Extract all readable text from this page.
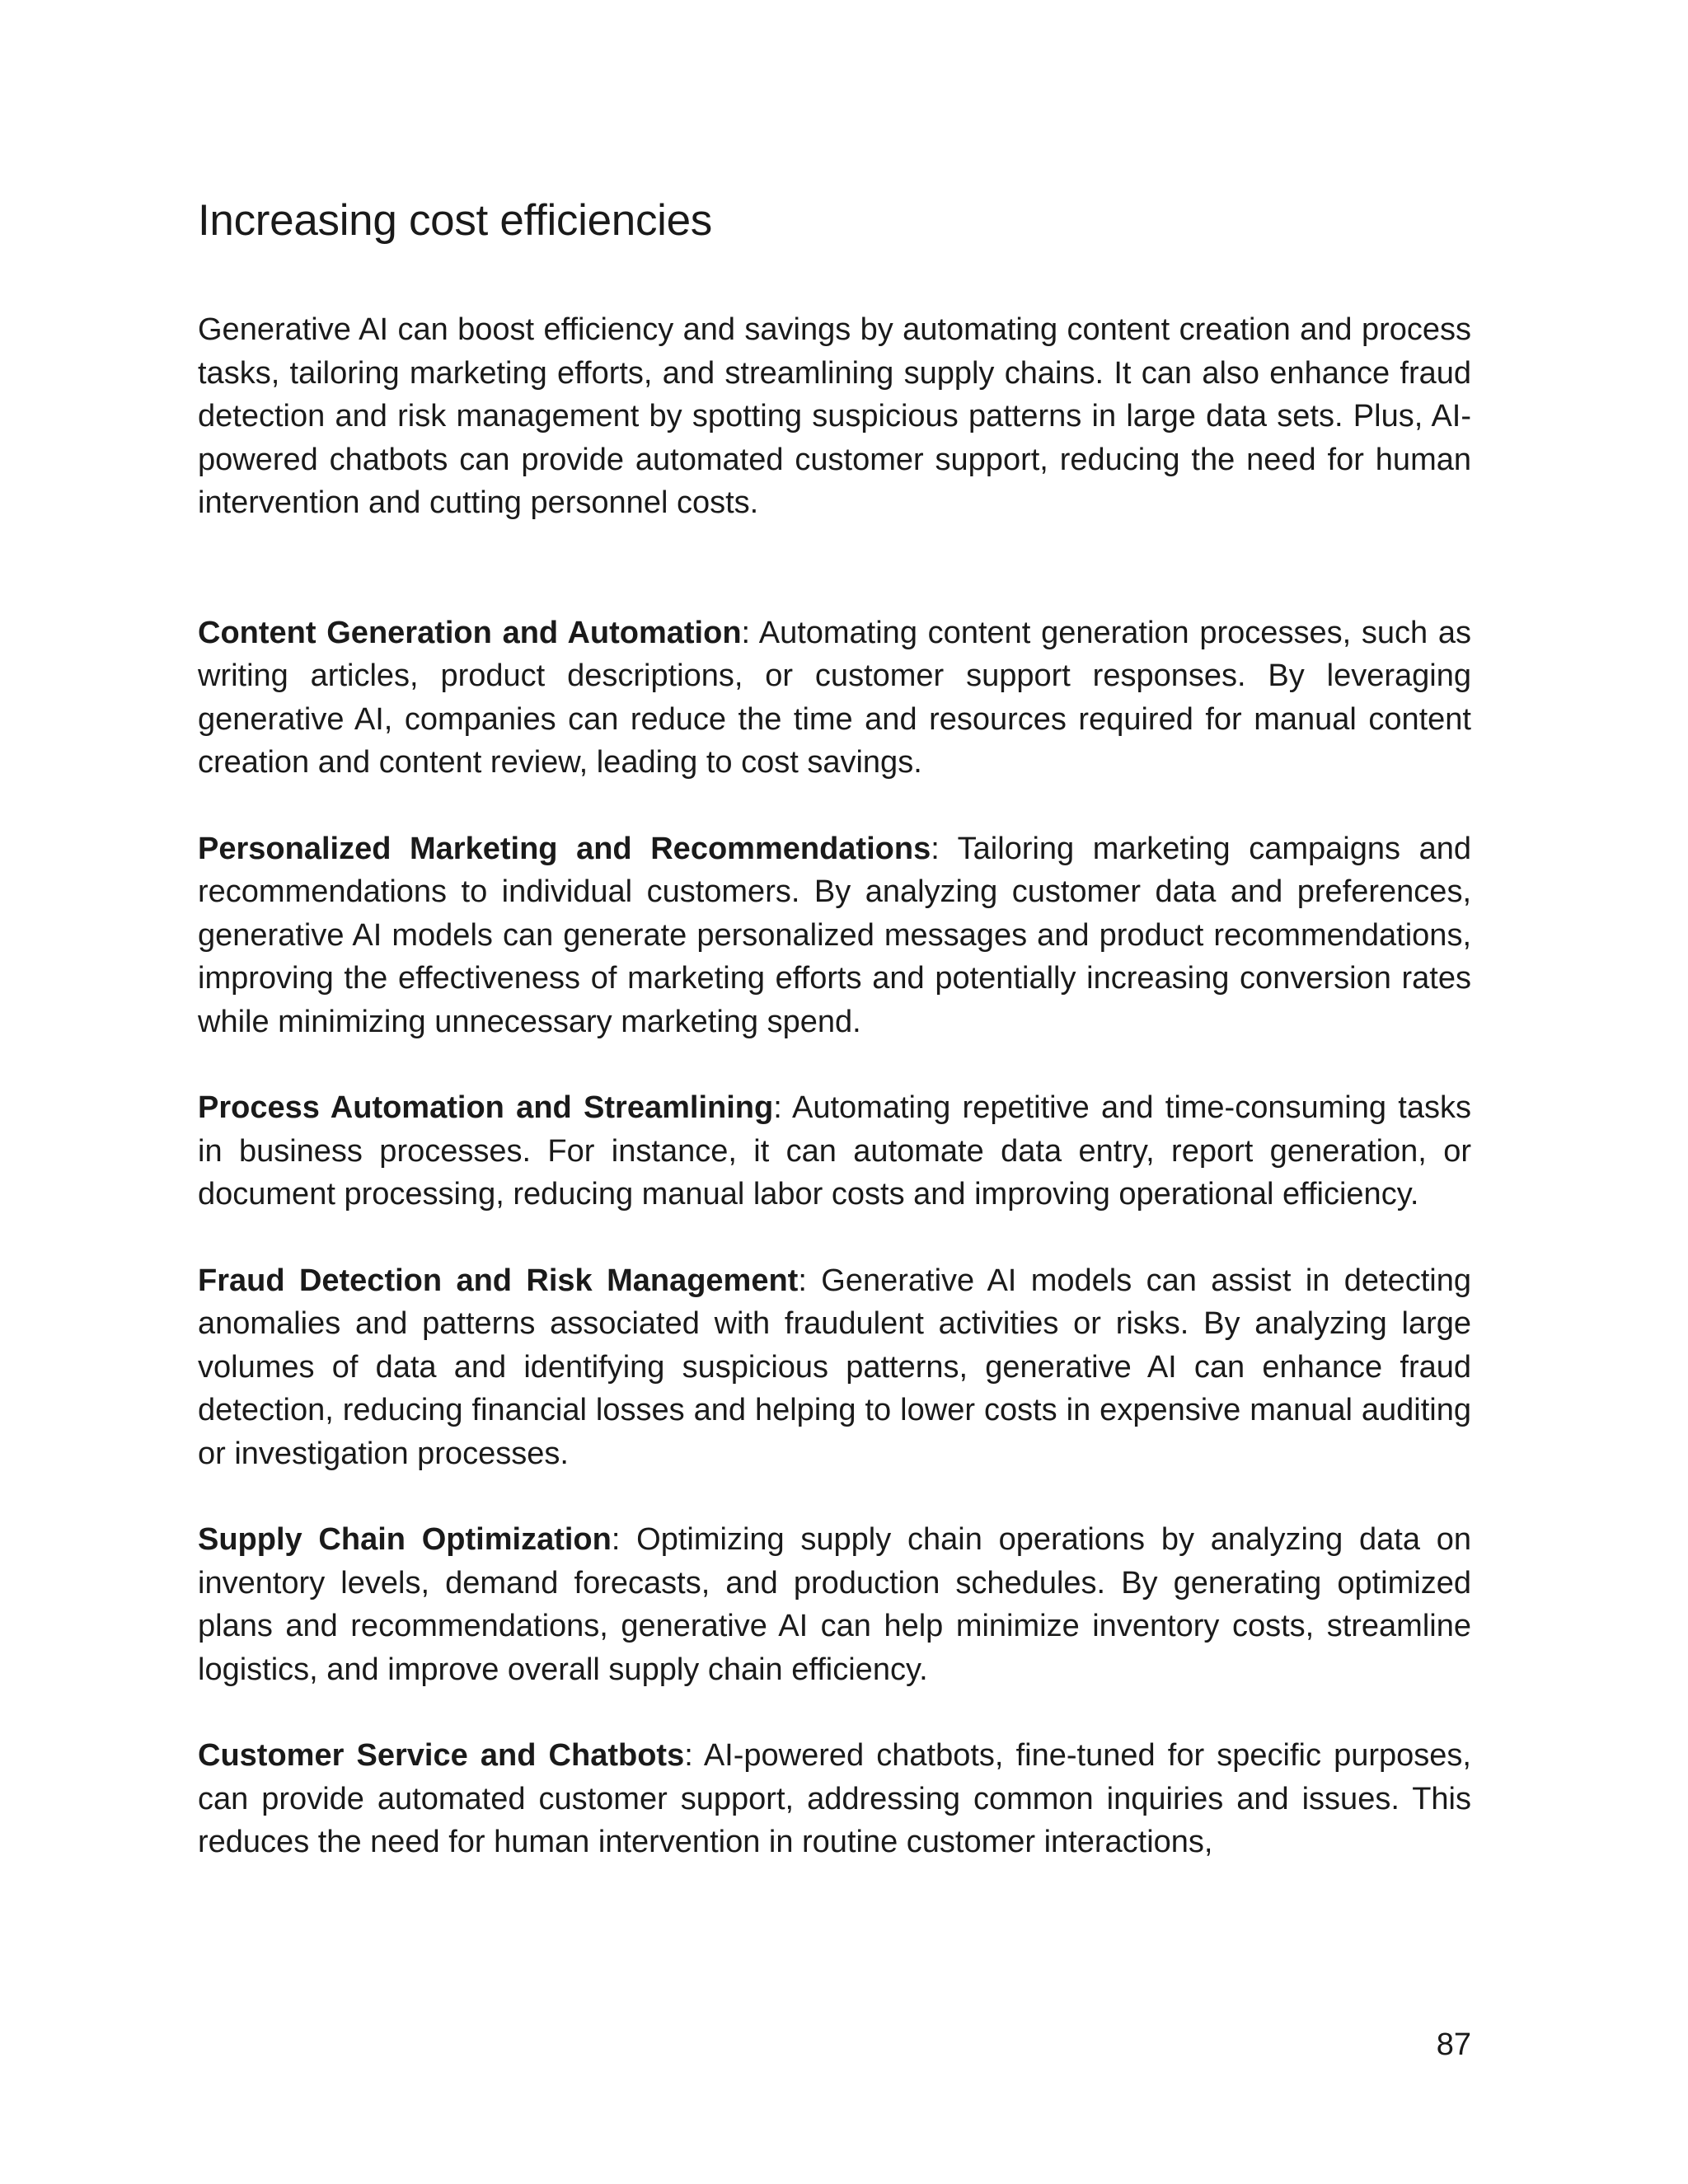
Increasing cost efficiencies

Generative AI can boost efficiency and savings by automating content creation and process tasks, tailoring marketing efforts, and streamlining supply chains. It can also enhance fraud detection and risk management by spotting suspicious patterns in large data sets. Plus, AI-powered chatbots can provide automated customer support, reducing the need for human intervention and cutting personnel costs.

Content Generation and Automation: Automating content generation processes, such as writing articles, product descriptions, or customer support responses. By leveraging generative AI, companies can reduce the time and resources required for manual content creation and content review, leading to cost savings.

Personalized Marketing and Recommendations: Tailoring marketing campaigns and recommendations to individual customers. By analyzing customer data and preferences, generative AI models can generate personalized messages and product recommendations, improving the effectiveness of marketing efforts and potentially increasing conversion rates while minimizing unnecessary marketing spend.

Process Automation and Streamlining: Automating repetitive and time-consuming tasks in business processes. For instance, it can automate data entry, report generation, or document processing, reducing manual labor costs and improving operational efficiency.

Fraud Detection and Risk Management: Generative AI models can assist in detecting anomalies and patterns associated with fraudulent activities or risks. By analyzing large volumes of data and identifying suspicious patterns, generative AI can enhance fraud detection, reducing financial losses and helping to lower costs in expensive manual auditing or investigation processes.

Supply Chain Optimization: Optimizing supply chain operations by analyzing data on inventory levels, demand forecasts, and production schedules. By generating optimized plans and recommendations, generative AI can help minimize inventory costs, streamline logistics, and improve overall supply chain efficiency.

Customer Service and Chatbots: AI-powered chatbots, fine-tuned for specific purposes, can provide automated customer support, addressing common inquiries and issues. This reduces the need for human intervention in routine customer interactions,

87
